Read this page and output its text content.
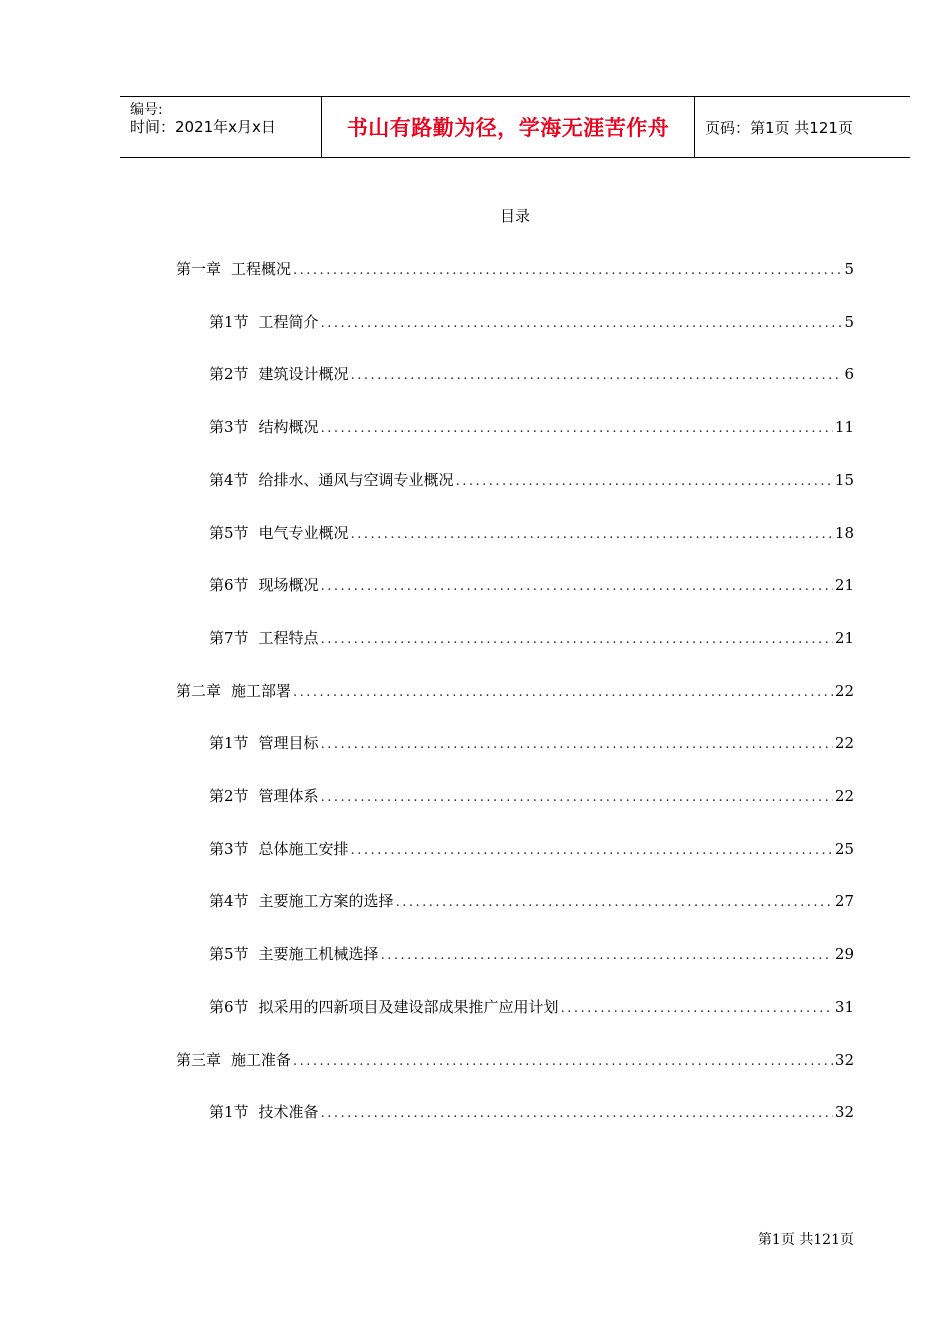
编号:
时间：2021年x月x日	书山有路勤为径，学海无涯苦作舟	页码：第1页 共121页
目录
第一章 工程概况 .....	5
第1节 工程简介 .....	5
第2节 建筑设计概况 .....	6
第3节 结构概况 .....	11
第4节 给排水、通风与空调专业概况 .....	15
第5节 电气专业概况 .....	18
第6节 现场概况 .....	21
第7节 工程特点 .....	21
第二章 施工部署 .....	22
第1节 管理目标 .....	22
第2节 管理体系 .....	22
第3节 总体施工安排 .....	25
第4节 主要施工方案的选择 .....	27
第5节 主要施工机械选择 .....	29
第6节 拟采用的四新项目及建设部成果推广应用计划 .....	31
第三章 施工准备 .....	32
第1节 技术准备 .....	32
第1页 共121页
